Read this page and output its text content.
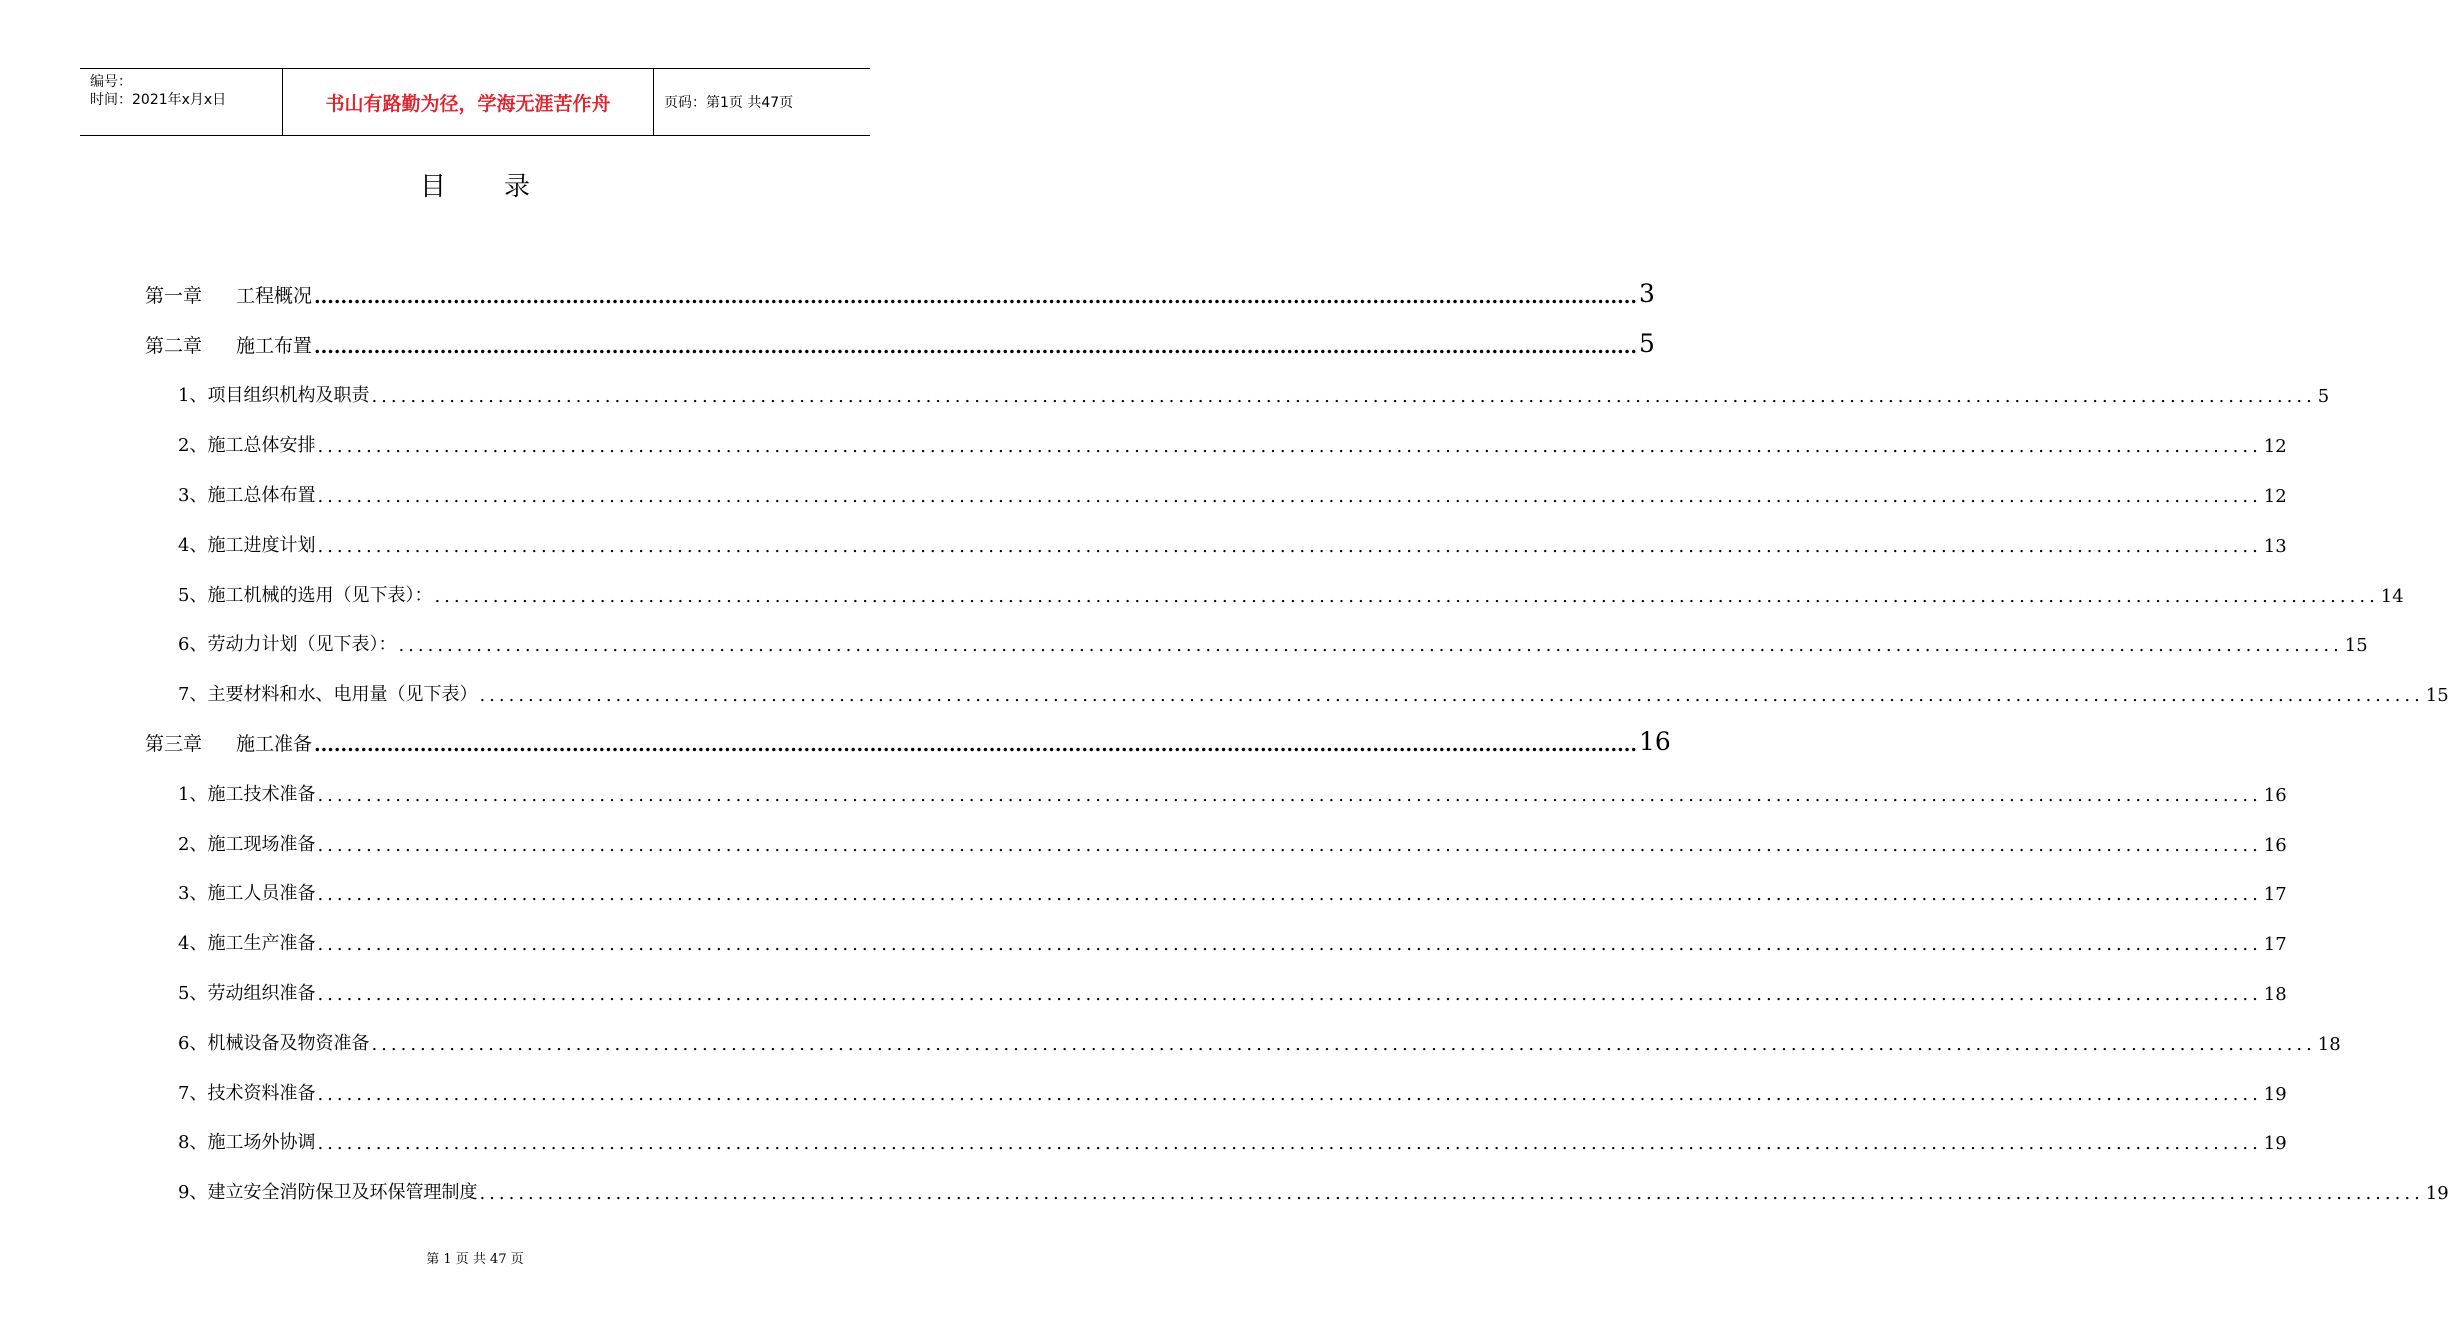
编号：
时间：2021年x月x日	书山有路勤为径，学海无涯苦作舟	页码：第1页 共47页
目录
第一章 工程概况 ........................................................................................................................................................................................................ 3
第二章 施工布置 ........................................................................................................................................................................................................ 5
1、项目组织机构及职责 ........................................................................................................................................................................................................ 5
2、施工总体安排 ........................................................................................................................................................................................................ 12
3、施工总体布置 ........................................................................................................................................................................................................ 12
4、施工进度计划 ........................................................................................................................................................................................................ 13
5、施工机械的选用（见下表）： ........................................................................................................................................................................................................ 14
6、劳动力计划（见下表）： ........................................................................................................................................................................................................ 15
7、主要材料和水、电用量（见下表） ........................................................................................................................................................................................................ 15
第三章 施工准备 ........................................................................................................................................................................................................ 16
1、施工技术准备 ........................................................................................................................................................................................................ 16
2、施工现场准备 ........................................................................................................................................................................................................ 16
3、施工人员准备 ........................................................................................................................................................................................................ 17
4、施工生产准备 ........................................................................................................................................................................................................ 17
5、劳动组织准备 ........................................................................................................................................................................................................ 18
6、机械设备及物资准备 ........................................................................................................................................................................................................ 18
7、技术资料准备 ........................................................................................................................................................................................................ 19
8、施工场外协调 ........................................................................................................................................................................................................ 19
9、建立安全消防保卫及环保管理制度 ........................................................................................................................................................................................................ 19
第 1 页 共 47 页
